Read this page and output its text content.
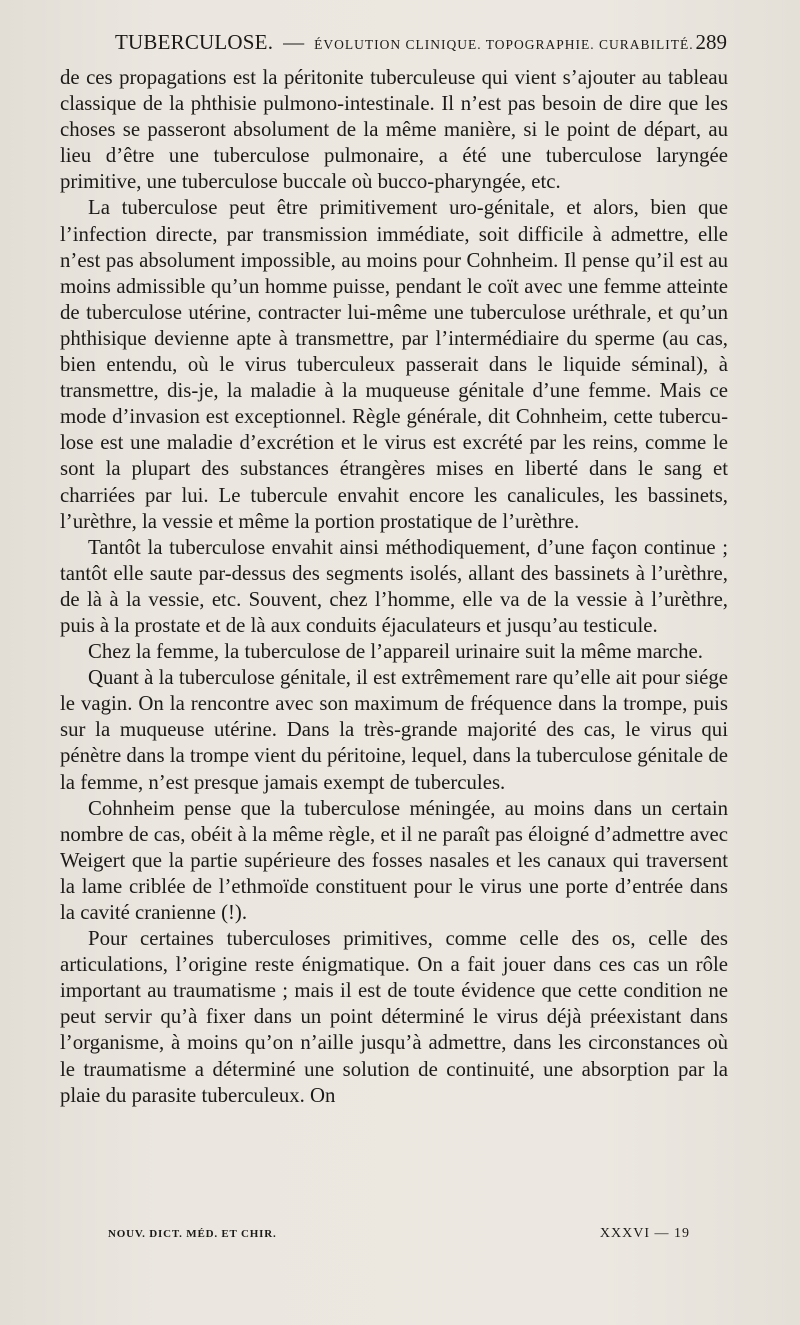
TUBERCULOSE. — ÉVOLUTION CLINIQUE. TOPOGRAPHIE. CURABILITÉ. 289

de ces propagations est la péritonite tuberculeuse qui vient s’ajouter au tableau classique de la phthisie pulmono-intestinale. Il n’est pas besoin de dire que les choses se passeront absolument de la même manière, si le point de départ, au lieu d’être une tuberculose pulmonaire, a été une tuberculose laryngée primitive, une tuberculose buccale où bucco-pharyngée, etc.

La tuberculose peut être primitivement uro-génitale, et alors, bien que l’infection directe, par transmission immédiate, soit difficile à admettre, elle n’est pas absolument impossible, au moins pour Cohnheim. Il pense qu’il est au moins admissible qu’un homme puisse, pendant le coït avec une femme atteinte de tuberculose utérine, contracter lui-même une tuberculose uréthrale, et qu’un phthisique devienne apte à transmettre, par l’intermédiaire du sperme (au cas, bien entendu, où le virus tuberculeux passerait dans le liquide séminal), à transmettre, dis-je, la maladie à la muqueuse génitale d’une femme. Mais ce mode d’invasion est exceptionnel. Règle générale, dit Cohnheim, cette tuberculose est une maladie d’excrétion et le virus est excrété par les reins, comme le sont la plupart des substances étrangères mises en liberté dans le sang et charriées par lui. Le tubercule envahit encore les canalicules, les bassinets, l’urèthre, la vessie et même la portion prostatique de l’urèthre.

Tantôt la tuberculose envahit ainsi méthodiquement, d’une façon continue ; tantôt elle saute par-dessus des segments isolés, allant des bassinets à l’urèthre, de là à la vessie, etc. Souvent, chez l’homme, elle va de la vessie à l’urèthre, puis à la prostate et de là aux conduits éjaculateurs et jusqu’au testicule.

Chez la femme, la tuberculose de l’appareil urinaire suit la même marche.

Quant à la tuberculose génitale, il est extrêmement rare qu’elle ait pour siége le vagin. On la rencontre avec son maximum de fréquence dans la trompe, puis sur la muqueuse utérine. Dans la très-grande majorité des cas, le virus qui pénètre dans la trompe vient du péritoine, lequel, dans la tuberculose génitale de la femme, n’est presque jamais exempt de tubercules.

Cohnheim pense que la tuberculose méningée, au moins dans un certain nombre de cas, obéit à la même règle, et il ne paraît pas éloigné d’admettre avec Weigert que la partie supérieure des fosses nasales et les canaux qui traversent la lame criblée de l’ethmoïde constituent pour le virus une porte d’entrée dans la cavité cranienne (!).

Pour certaines tuberculoses primitives, comme celle des os, celle des articulations, l’origine reste énigmatique. On a fait jouer dans ces cas un rôle important au traumatisme ; mais il est de toute évidence que cette condition ne peut servir qu’à fixer dans un point déterminé le virus déjà préexistant dans l’organisme, à moins qu’on n’aille jusqu’à admettre, dans les circonstances où le traumatisme a déterminé une solution de continuité, une absorption par la plaie du parasite tuberculeux. On

NOUV. DICT. MÉD. ET CHIR.	XXXVI — 19
